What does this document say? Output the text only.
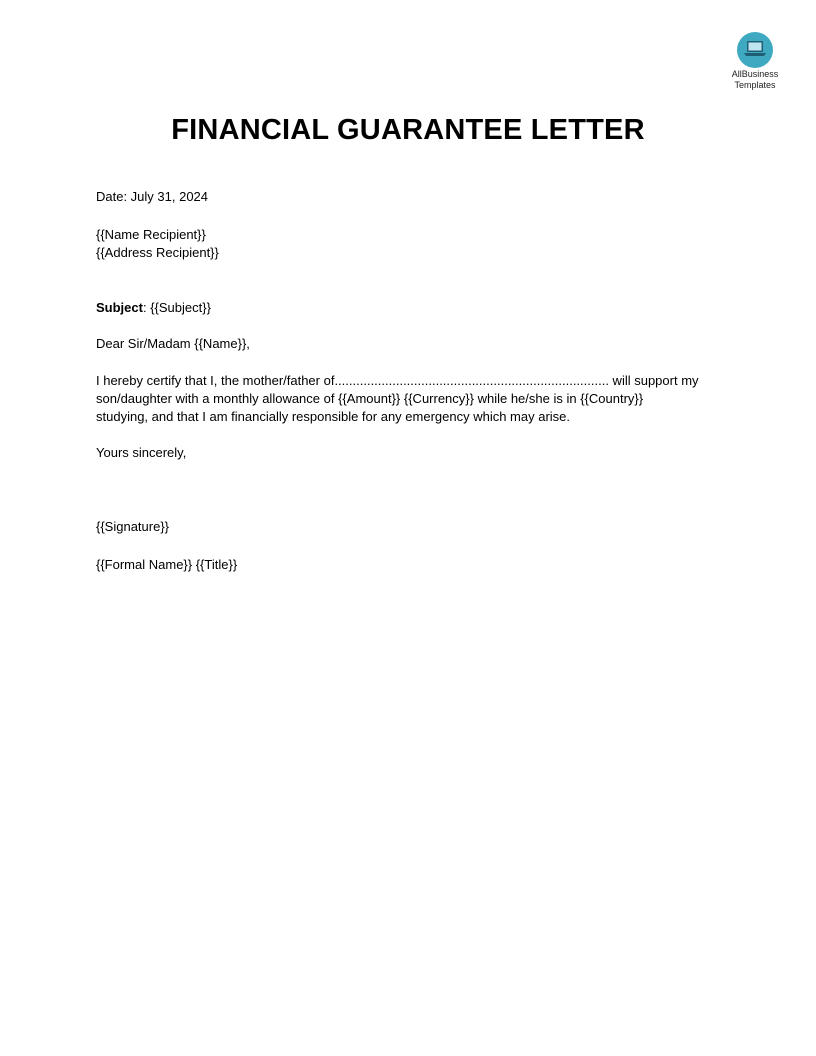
AllBusiness
Templates
FINANCIAL GUARANTEE LETTER
Date: July 31, 2024
{{Name Recipient}}
{{Address Recipient}}
Subject: {{Subject}}
Dear Sir/Madam {{Name}},

I hereby certify that I, the mother/father of............................................................................ will support my
son/daughter with a monthly allowance of {{Amount}} {{Currency}} while he/she is in {{Country}}
studying, and that I am financially responsible for any emergency which may arise.

Yours sincerely,
{{Signature}}
{{Formal Name}} {{Title}}
